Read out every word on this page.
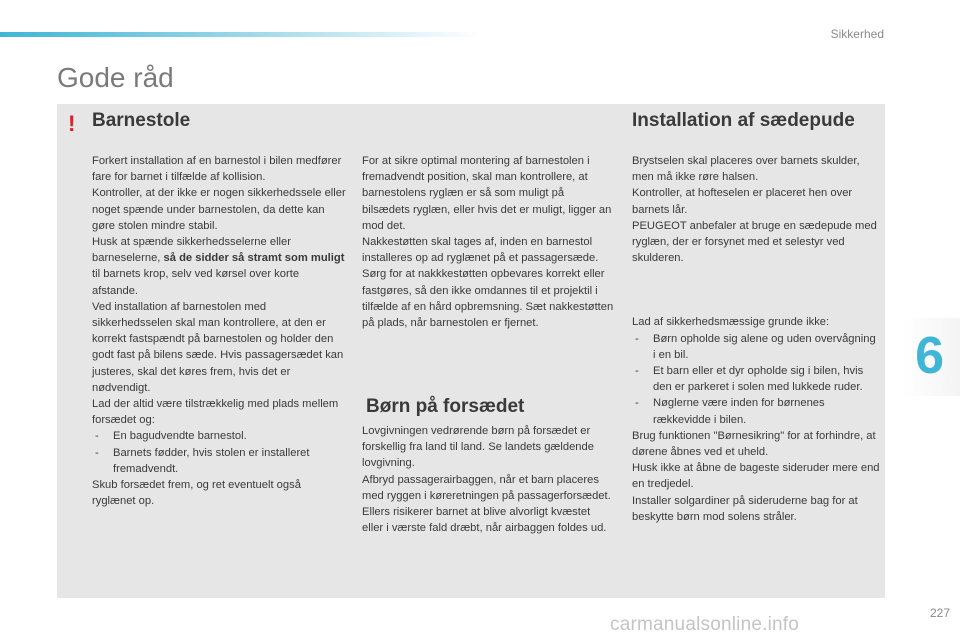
Sikkerhed
Gode råd
! Barnestole	Installation af sædepude

Forkert installation af en barnestol i bilen medfører fare for barnet i tilfælde af kollision.

Kontroller, at der ikke er nogen sikkerhedssele eller noget spænde under barnestolen, da dette kan gøre stolen mindre stabil.

Husk at spænde sikkerhedsselerne eller barneselerne, så de sidder så stramt som muligt til barnets krop, selv ved kørsel over korte afstande.

Ved installation af barnestolen med sikkerhedsselen skal man kontrollere, at den er korrekt fastspændt på barnestolen og holder den godt fast på bilens sæde. Hvis passagersædet kan justeres, skal det køres frem, hvis det er nødvendigt.

Lad der altid være tilstrækkelig med plads mellem forsædet og:

- En bagudvendte barnestol.
- Barnets fødder, hvis stolen er installeret fremadvendt.

Skub forsædet frem, og ret eventuelt også ryglænet op.

For at sikre optimal montering af barnestolen i fremadvendt position, skal man kontrollere, at barnestolens ryglæn er så som muligt på bilsædets ryglæn, eller hvis det er muligt, ligger an mod det.

Nakkestøtten skal tages af, inden en barnestol installeres op ad ryglænet på et passagersæde.

Sørg for at nakkkestøtten opbevares korrekt eller fastgøres, så den ikke omdannes til et projektil i tilfælde af en hård opbremsning. Sæt nakkestøtten på plads, når barnestolen er fjernet.

Børn på forsædet

Lovgivningen vedrørende børn på forsædet er forskellig fra land til land. Se landets gældende lovgivning.

Afbryd passagerairbaggen, når et barn placeres med ryggen i køreretningen på passagerforsædet. Ellers risikerer barnet at blive alvorligt kvæstet eller i værste fald dræbt, når airbaggen foldes ud.

Brystselen skal placeres over barnets skulder, men må ikke røre halsen.

Kontroller, at hofteselen er placeret hen over barnets lår.

PEUGEOT anbefaler at bruge en sædepude med ryglæn, der er forsynet med et selestyr ved skulderen.

Lad af sikkerhedsmæssige grunde ikke:

- Børn opholde sig alene og uden overvågning i en bil.
- Et barn eller et dyr opholde sig i bilen, hvis den er parkeret i solen med lukkede ruder.
- Nøglerne være inden for børnenes rækkevidde i bilen.

Brug funktionen "Børnesikring" for at forhindre, at dørene åbnes ved et uheld.

Husk ikke at åbne de bageste sideruder mere end en tredjedel.

Installer solgardiner på sideruderne bag for at beskytte børn mod solens stråler.

6
227
carmanualsonline.info
